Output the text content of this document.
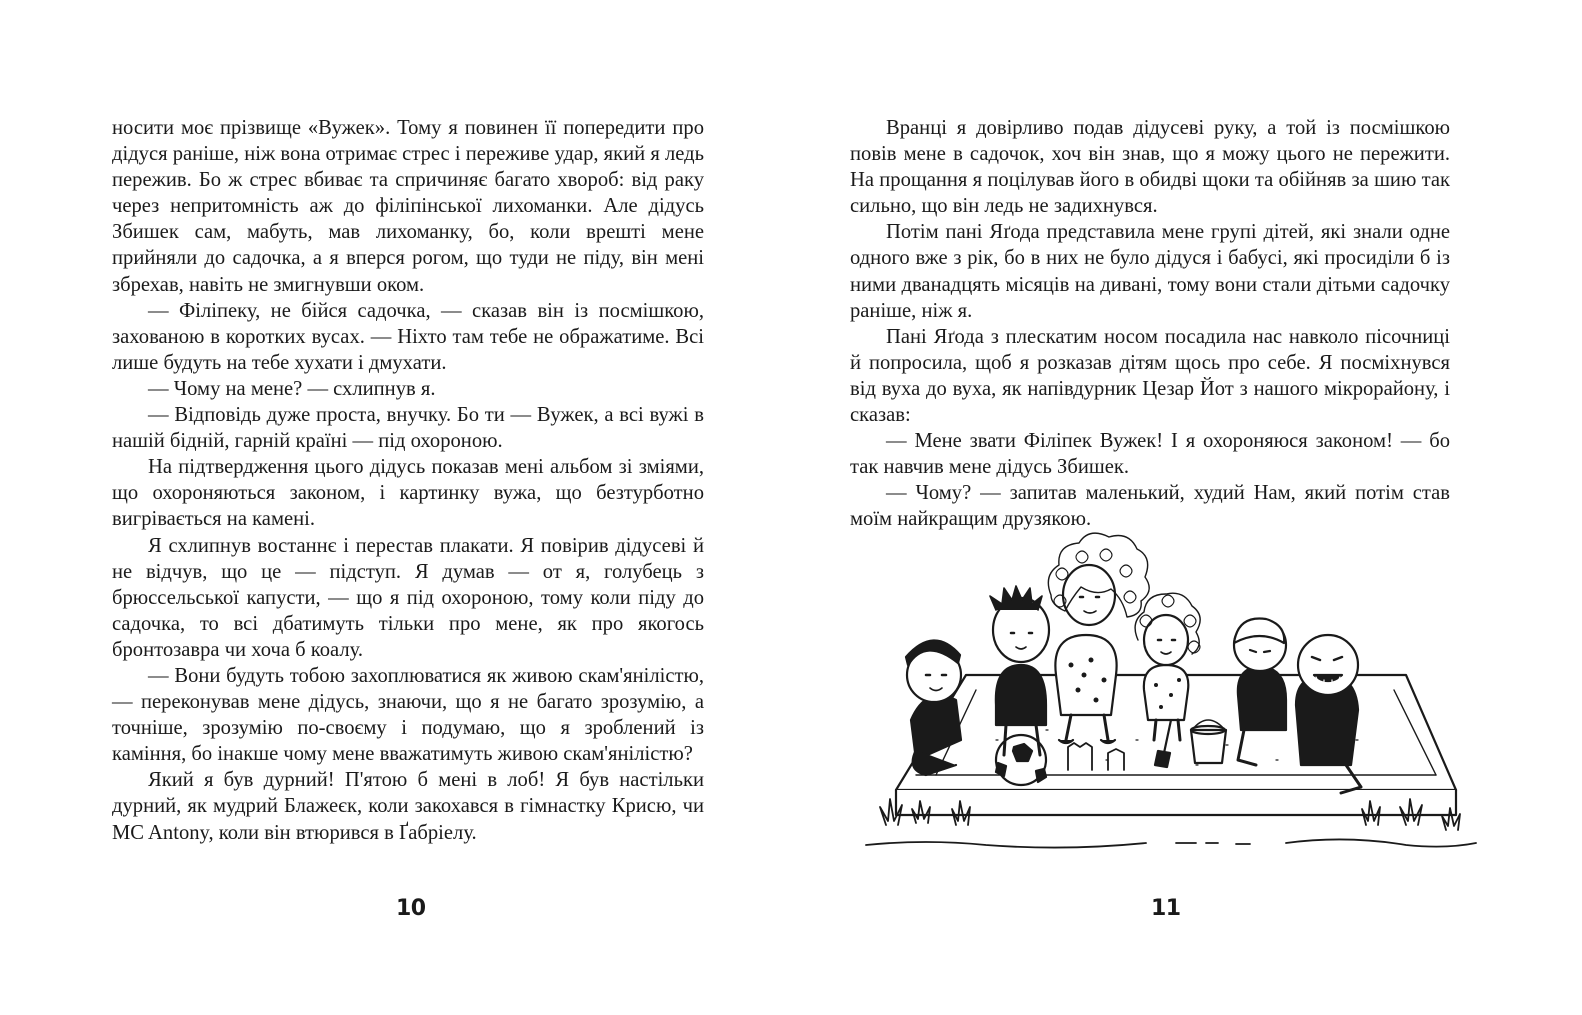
носити моє прізвище «Вужек». Тому я повинен її попередити про дідуся раніше, ніж вона отримає стрес і переживе удар, який я ледь пережив. Бо ж стрес вбиває та спричиняє багато хвороб: від раку через непритомність аж до філіпінської лихоманки. Але дідусь Збишек сам, мабуть, мав лихоманку, бо, коли врешті мене прийняли до садочка, а я вперся рогом, що туди не піду, він мені збрехав, навіть не змигнувши оком.

— Філіпеку, не бійся садочка, — сказав він із посмішкою, захованою в коротких вусах. — Ніхто там тебе не ображатиме. Всі лише будуть на тебе хухати і дмухати.

— Чому на мене? — схлипнув я.

— Відповідь дуже проста, внучку. Бо ти — Вужек, а всі вужі в нашій бідній, гарній країні — під охороною.

На підтвердження цього дідусь показав мені альбом зі зміями, що охороняються законом, і картинку вужа, що безтурботно вигрівається на камені.

Я схлипнув востаннє і перестав плакати. Я повірив дідусеві й не відчув, що це — підступ. Я думав — от я, голубець з брюссельської капусти, — що я під охороною, тому коли піду до садочка, то всі дбатимуть тільки про мене, як про якогось бронтозавра чи хоча б коалу.

— Вони будуть тобою захоплюватися як живою скам'янілістю, — переконував мене дідусь, знаючи, що я не багато зрозумію, а точніше, зрозумію по-своєму і подумаю, що я зроблений із каміння, бо інакше чому мене вважатимуть живою скам'янілістю?

Який я був дурний! П'ятою б мені в лоб! Я був настільки дурний, як мудрий Блажеєк, коли закохався в гімнастку Крисю, чи MC Antony, коли він втюрився в Ґабріелу.

10

Вранці я довірливо подав дідусеві руку, а той із посмішкою повів мене в садочок, хоч він знав, що я можу цього не пережити. На прощання я поцілував його в обидві щоки та обійняв за шию так сильно, що він ледь не задихнувся.

Потім пані Яґода представила мене групі дітей, які знали одне одного вже з рік, бо в них не було дідуся і бабусі, які просиділи б із ними дванадцять місяців на дивані, тому вони стали дітьми садочку раніше, ніж я.

Пані Яґода з плескатим носом посадила нас навколо пісочниці й попросила, щоб я розказав дітям щось про себе. Я посміхнувся від вуха до вуха, як напівдурник Цезар Йот з нашого мікрорайону, і сказав:

— Мене звати Філіпек Вужек! І я охороняюся законом! — бо так навчив мене дідусь Збишек.

— Чому? — запитав маленький, худий Нам, який потім став моїм найкращим друзякою.

11
